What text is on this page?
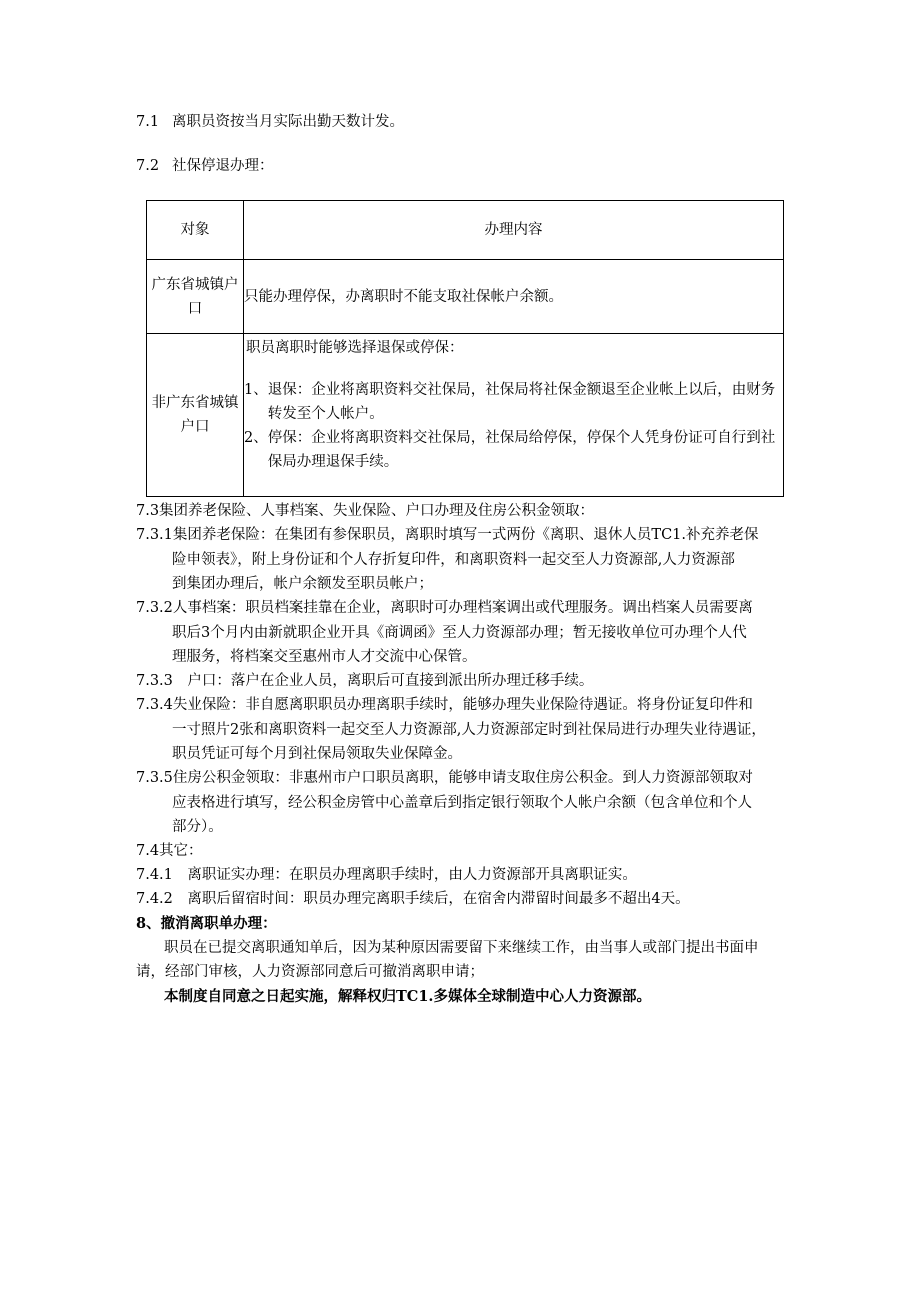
7.1 离职员资按当月实际出勤天数计发。
7.2 社保停退办理：
对象	办理内容
广东省城镇户口	只能办理停保，办离职时不能支取社保帐户余额。
非广东省城镇户口	职员离职时能够选择退保或停保：
1、 退保：企业将离职资料交社保局，社保局将社保金额退至企业帐上以后，由财务转发至个人帐户。
2、 停保：企业将离职资料交社保局，社保局给停保，停保个人凭身份证可自行到社保局办理退保手续。
7.3集团养老保险、人事档案、失业保险、户口办理及住房公积金领取：
7.3.1集团养老保险：在集团有参保职员，离职时填写一式两份《离职、退休人员TC1.补充养老保
险申领表》，附上身份证和个人存折复印件，和离职资料一起交至人力资源部,人力资源部
到集团办理后，帐户余额发至职员帐户；
7.3.2人事档案：职员档案挂靠在企业，离职时可办理档案调出或代理服务。调出档案人员需要离
职后3个月内由新就职企业开具《商调函》至人力资源部办理；暂无接收单位可办理个人代
理服务，将档案交至惠州市人才交流中心保管。
7.3.3　户口：落户在企业人员，离职后可直接到派出所办理迁移手续。
7.3.4失业保险：非自愿离职职员办理离职手续时，能够办理失业保险待遇证。将身份证复印件和
一寸照片2张和离职资料一起交至人力资源部,人力资源部定时到社保局进行办理失业待遇证，
职员凭证可每个月到社保局领取失业保障金。
7.3.5住房公积金领取：非惠州市户口职员离职，能够申请支取住房公积金。到人力资源部领取对
应表格进行填写，经公积金房管中心盖章后到指定银行领取个人帐户余额（包含单位和个人
部分）。
7.4其它：
7.4.1　离职证实办理：在职员办理离职手续时，由人力资源部开具离职证实。
7.4.2　离职后留宿时间：职员办理完离职手续后，在宿舍内滞留时间最多不超出4天。
8、撤消离职单办理：
职员在已提交离职通知单后，因为某种原因需要留下来继续工作，由当事人或部门提出书面申
请，经部门审核，人力资源部同意后可撤消离职申请；
本制度自同意之日起实施，解释权归TC1.多媒体全球制造中心人力资源部。
